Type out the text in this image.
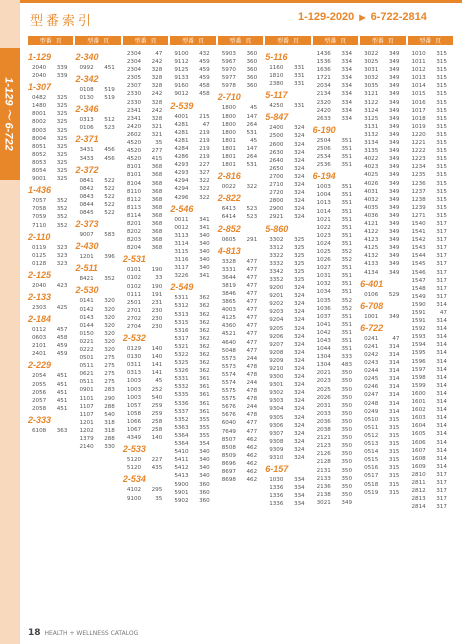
1-129 〜 6-722
型番索引	1-129-2020 ▶ 6-722-2814
型番
頁	型番
頁	型番
頁	型番
頁	型番
頁	型番
頁	型番
頁	型番
頁	型番
頁
1-129
2040 339
2040 339
1-307
0482 325
1480 325
8001 325
8002 325
8003 325
8004 325
8051 325
8052 325
8053 325
8054 325
9001 325
1-436
7057 352
7058 352
7059 352
7110 352
2-110
0119 323
0125 323
0128 323
2-125
2040 423
2-133
2303 425
2-184
0112 457
0603 458
2101 459
2401 459
2-229
2054 451
2055 451
2056 451
2057 451
2058 451
2-333
6108 363
2-340
0992 451
2-342
0108 519
0130 519
2-346
0313 512
0106 523
2-371
3431 456
3433 456
2-372
0841 522
0842 522
0843 522
0844 522
0845 522
2-373
9007 583
2-430
1201 396
2-511
8421 352
2-530
0141 320
0142 320
0143 320
0144 320
0150 320
0221 320
0222 320
0501 275
0511 275
0621 275
0511 275
0901 283
1101 290
1107 288
1107 540
1201 318
1202 318
1379 288
2140 330
2304	47
2304 242
2304 328
2305 328
2307 328
2330 242
2330 328
2341 242
2341 328
2420 321
2602 321
4520	35
4520 277
4520 415
8101 368
8101 368
8104 368
8110 368
8112 368
8113 368
8114 368
8201 368
8202 368
8203 368
8204 368
2-531
0101 190
0102	33
0102 190
0111 191
2501 231
2701 230
2702 230
2704 230
2-532
0129 140
0130 140
0311 141
0313 141
1003	45
1003 252
1003 540
1057 259
1058 259
1066 258
1067 258
4349 140
2-533
5120 227
5120 435
2-534
4102 295
9100	35
9100 432
9112 459
9125 459
9133 459
9160 458
9012 458
2-539
4001 215
4281	47
4281 219
4281 219
4284 219
4286 219
4293 227
4293 327
4294 322
4294 322
4296 322
2-546
0011 341
0012 341
3113 340
3114 340
3115 340
3116 340
3117 340
3226 341
2-549
5311 362
5312 362
5313 362
5315 362
5316 362
5317 362
5321 362
5322 362
5325 362
5326 362
5331 361
5332 361
5335 361
5336 361
5337 361
5352 355
5363 355
5364 355
5364 354
5410 340
5411 340
5412 340
5413 340
5900 360
5901 360
5902 360
5903 360
5967 360
5970 360
5977 360
5978 360
2-710
1800	45
1800 147
1800 264
1800 531
1801	45
1801 147
1801 264
1801 531
2-816
0022 322
2-822
6413 523
6414 523
2-852
0605 291
4-813
3328 477
3331 477
3644 477
3819 477
3846 477
3865 477
4003 477
4125 477
4360 477
4521 477
4640 477
5048 477
5573 244
5573 478
5574 478
5574 244
5575 478
5575 478
5676 244
5676 478
6040 477
7649 477
8507 462
8508 462
8509 462
8696 462
8697 462
8698 462
5-116
1160 331
1810 331
2380 331
5-117
4250 331
5-847
2400 324
2500 324
2600 324
2630 324
2640 324
2650 324
2700 324
2710 324
2720 324
2800 324
2900 324
2921 324
5-860
3302 325
3312 325
3322 325
3332 325
3342 325
3352 325
9200 324
9201 324
9202 324
9203 324
9204 324
9205 324
9206 324
9207 324
9208 324
9209 324
9210 324
9300 324
9301 324
9302 324
9303 324
9304 324
9305 324
9306 324
9307 324
9308 324
9309 324
9310 324
6-157
1030 334
1336 334
1336 334
1336 334
1436 334
1536 334
1636 334
1721 334
2034 334
2134 334
2320 334
2420 334
2633 334
6-190
2504 351
2506 351
2534 351
2536 351
6-194
1003 351
1004 351
1013 351
1014 351
1021 351
1022 351
1023 351
1024 351
1025 352
1026 352
1027 351
1031 351
1032 351
1034 351
1035 352
1036 352
1037 351
1041 351
1042 351
1043 351
1044 351
1304 333
1304 483
2021 350
2023 350
2025 350
2026 350
2031 350
2033 350
2036 350
2038 350
2121 350
2123 350
2126 350
2128 350
2131 350
2133 350
2136 350
2138 350
3021 349
3022 349
3025 349
3031 349
3032 349
3035 349
3121 349
3122 349
3124 349
3125 349
3131 349
3132 349
3134 349
3135 349
4022 349
4023 349
4025 349
4026 349
4031 349
4032 349
4035 349
4036 349
4121 349
4122 349
4123 349
4125 349
4132 349
4133 349
4134 349
6-401
0106 529
6-708
1001 349
6-722
0241	47
0241 314
0242 314
0243 314
0244 314
0245 314
0246 314
0247 314
0248 314
0249 314
0510 315
0511 315
0512 315
0513 315
0514 315
0515 315
0516 315
0517 315
0518 315
0519 315
1010 315
1011 315
1012 315
1013 315
1014 315
1015 315
1016 315
1017 315
1018 315
1019 315
1220 315
1221 315
1222 315
1223 315
1234 315
1235 315
1236 315
1237 315
1238 315
1239 315
1271 315
1540 317
1541 317
1542 317
1543 317
1544 317
1545 317
1546 317
1547 317
1548 317
1549 317
1590 314
1591	47
1591 314
1592 314
1593 314
1594 314
1595 314
1596 314
1597 314
1598 314
1599 314
1600 314
1601 314
1602 314
1603 314
1604 314
1605 314
1606 314
1607 314
1608 314
1609 314
2810 317
2811 317
2812 317
2813 317
2814 317
18 HEALTH + WELLNESS CATALOG
